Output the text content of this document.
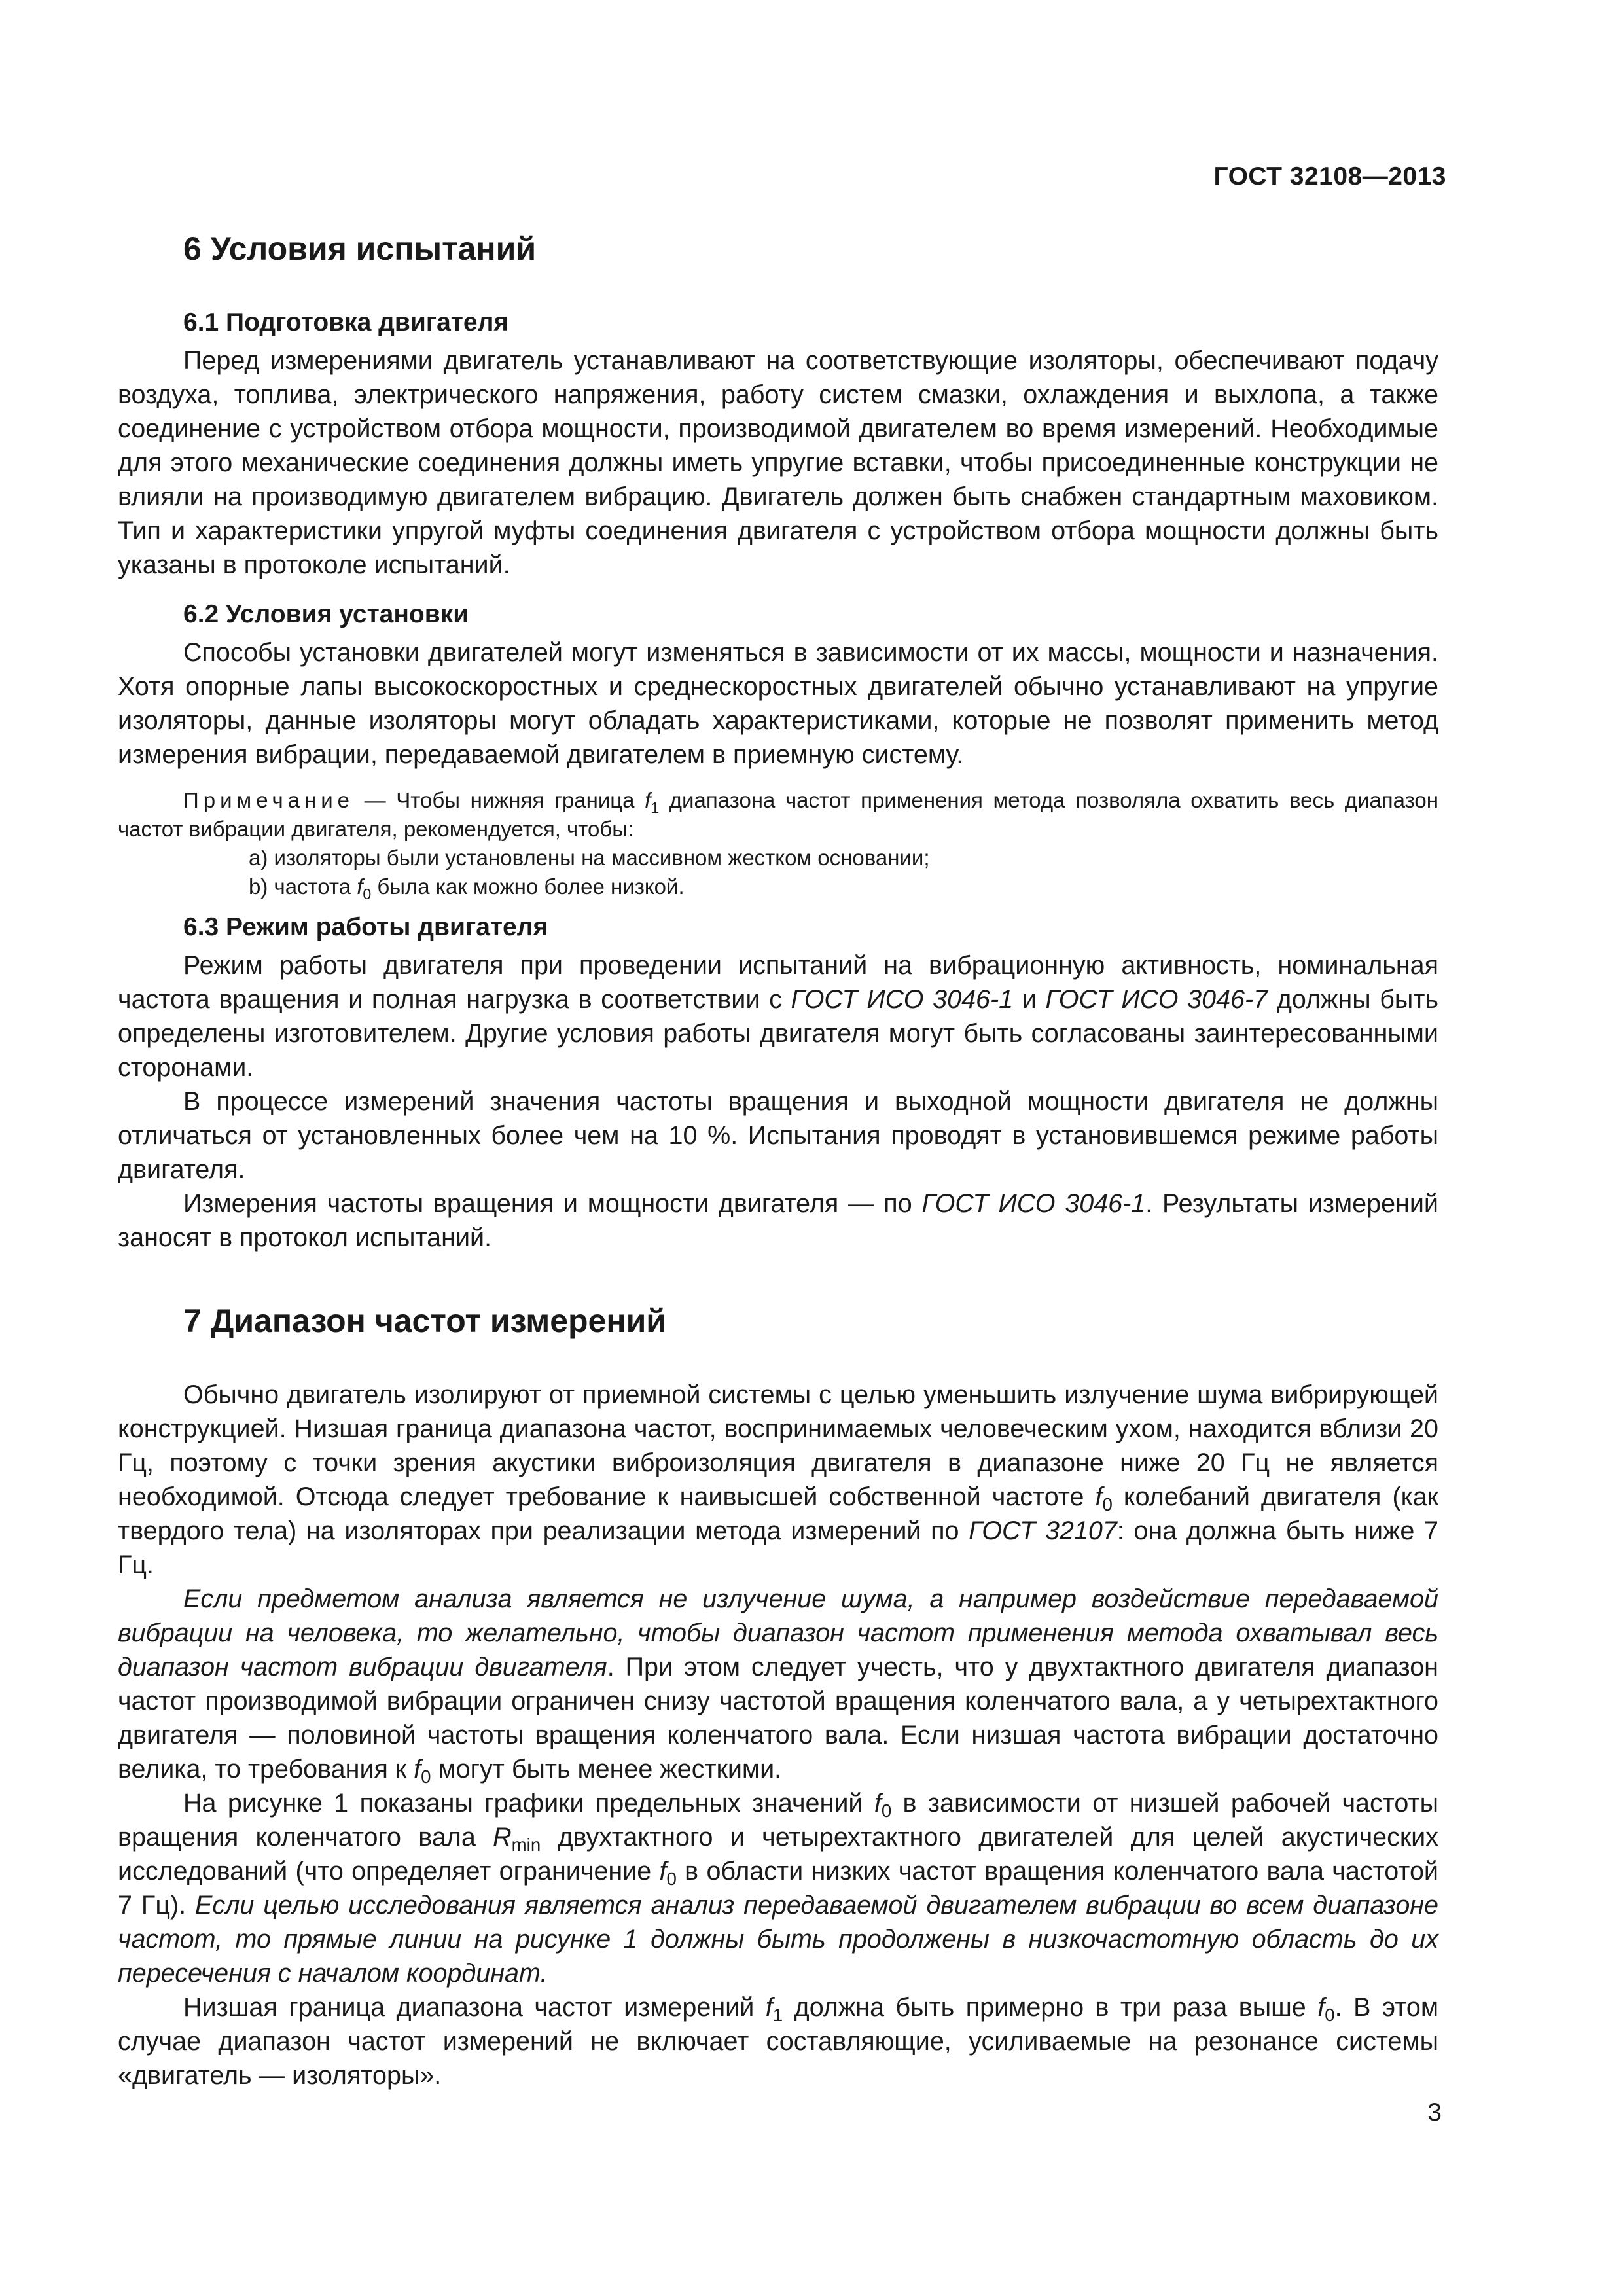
ГОСТ 32108—2013
6 Условия испытаний
6.1 Подготовка двигателя

Перед измерениями двигатель устанавливают на соответствующие изоляторы, обеспечивают подачу воздуха, топлива, электрического напряжения, работу систем смазки, охлаждения и выхлопа, а также соединение с устройством отбора мощности, производимой двигателем во время измерений. Необходимые для этого механические соединения должны иметь упругие вставки, чтобы присоединенные конструкции не влияли на производимую двигателем вибрацию. Двигатель должен быть снабжен стандартным маховиком. Тип и характеристики упругой муфты соединения двигателя с устройством отбора мощности должны быть указаны в протоколе испытаний.

6.2 Условия установки

Способы установки двигателей могут изменяться в зависимости от их массы, мощности и назначения. Хотя опорные лапы высокоскоростных и среднескоростных двигателей обычно устанавливают на упругие изоляторы, данные изоляторы могут обладать характеристиками, которые не позволят применить метод измерения вибрации, передаваемой двигателем в приемную систему.

Примечание — Чтобы нижняя граница $f_1$ диапазона частот применения метода позволяла охватить весь диапазон частот вибрации двигателя, рекомендуется, чтобы:

а) изоляторы были установлены на массивном жестком основании;

b) частота $f_0$ была как можно более низкой.

6.3 Режим работы двигателя

Режим работы двигателя при проведении испытаний на вибрационную активность, номинальная частота вращения и полная нагрузка в соответствии с ГОСТ ИСО 3046-1 и ГОСТ ИСО 3046-7 должны быть определены изготовителем. Другие условия работы двигателя могут быть согласованы заинтересованными сторонами.

В процессе измерений значения частоты вращения и выходной мощности двигателя не должны отличаться от установленных более чем на 10 %. Испытания проводят в установившемся режиме работы двигателя.

Измерения частоты вращения и мощности двигателя — по ГОСТ ИСО 3046-1. Результаты измерений заносят в протокол испытаний.

7 Диапазон частот измерений

Обычно двигатель изолируют от приемной системы с целью уменьшить излучение шума вибрирующей конструкцией. Низшая граница диапазона частот, воспринимаемых человеческим ухом, находится вблизи 20 Гц, поэтому с точки зрения акустики виброизоляция двигателя в диапазоне ниже 20 Гц не является необходимой. Отсюда следует требование к наивысшей собственной частоте $f_0$ колебаний двигателя (как твердого тела) на изоляторах при реализации метода измерений по ГОСТ 32107: она должна быть ниже 7 Гц.

Если предметом анализа является не излучение шума, а например воздействие передаваемой вибрации на человека, то желательно, чтобы диапазон частот применения метода охватывал весь диапазон частот вибрации двигателя. При этом следует учесть, что у двухтактного двигателя диапазон частот производимой вибрации ограничен снизу частотой вращения коленчатого вала, а у четырехтактного двигателя — половиной частоты вращения коленчатого вала. Если низшая частота вибрации достаточно велика, то требования к $f_0$ могут быть менее жесткими.

На рисунке 1 показаны графики предельных значений $f_0$ в зависимости от низшей рабочей частоты вращения коленчатого вала $R_{min}$ двухтактного и четырехтактного двигателей для целей акустических исследований (что определяет ограничение $f_0$ в области низких частот вращения коленчатого вала частотой 7 Гц). Если целью исследования является анализ передаваемой двигателем вибрации во всем диапазоне частот, то прямые линии на рисунке 1 должны быть продолжены в низкочастотную область до их пересечения с началом координат.

Низшая граница диапазона частот измерений $f_1$ должна быть примерно в три раза выше $f_0$. В этом случае диапазон частот измерений не включает составляющие, усиливаемые на резонансе системы «двигатель — изоляторы».

3
